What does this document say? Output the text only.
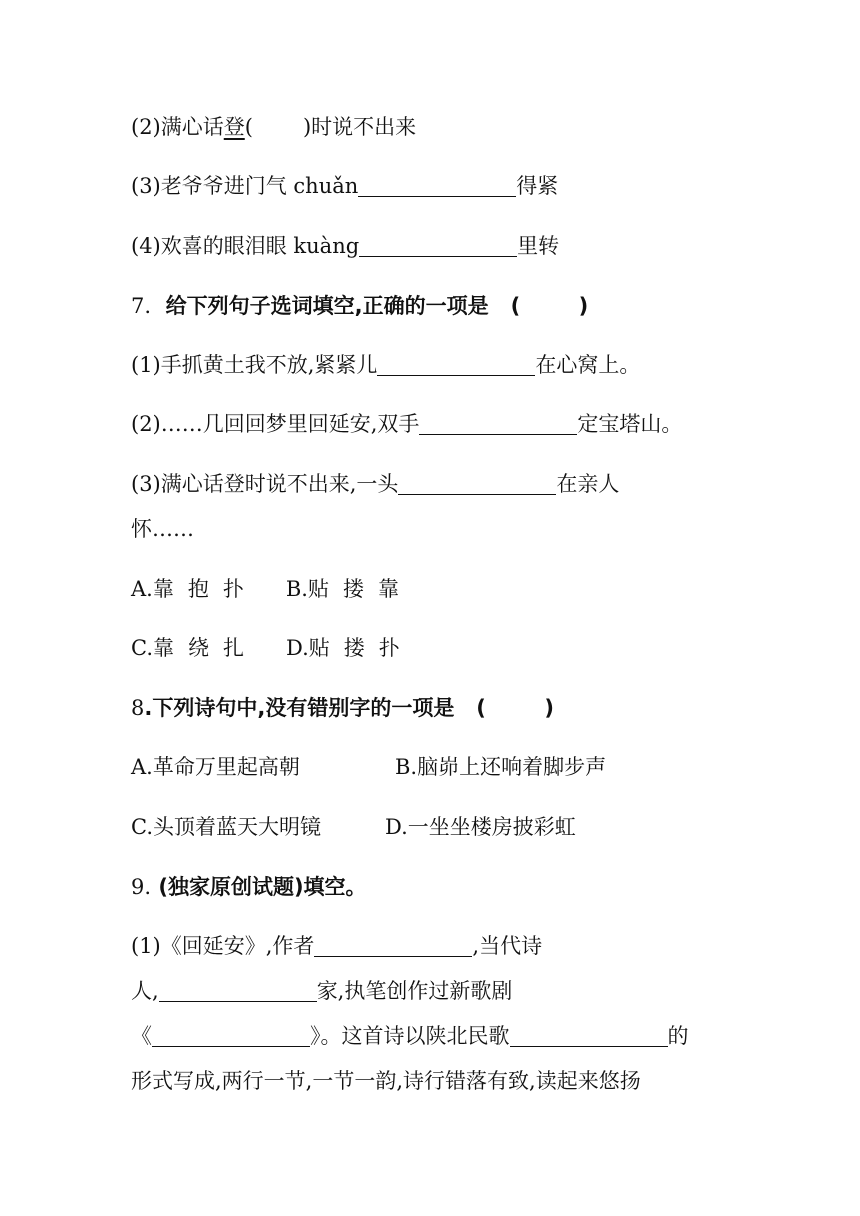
(2)满心话登( )时说不出来
(3)老爷爷进门气 chuǎn	得紧
(4)欢喜的眼泪眼 kuàng	里转
7. 给下列句子选词填空,正确的一项是 (        )
(1)手抓黄土我不放,紧紧儿	在心窝上。
(2)……几回回梦里回延安,双手	定宝塔山。
(3)满心话登时说不出来,一头	在亲人
怀……
A.靠 抱 扑 B.贴 搂 靠
C.靠 绕 扎 D.贴 搂 扑
8.下列诗句中,没有错别字的一项是 (        )
A.革命万里起高朝	B.脑峁上还响着脚步声
C.头顶着蓝天大明镜	D.一坐坐楼房披彩虹
9. (独家原创试题)填空。
(1)《回延安》,作者	,当代诗
人,	家,执笔创作过新歌剧
《	》。这首诗以陕北民歌	的
形式写成,两行一节,一节一韵,诗行错落有致,读起来悠扬
